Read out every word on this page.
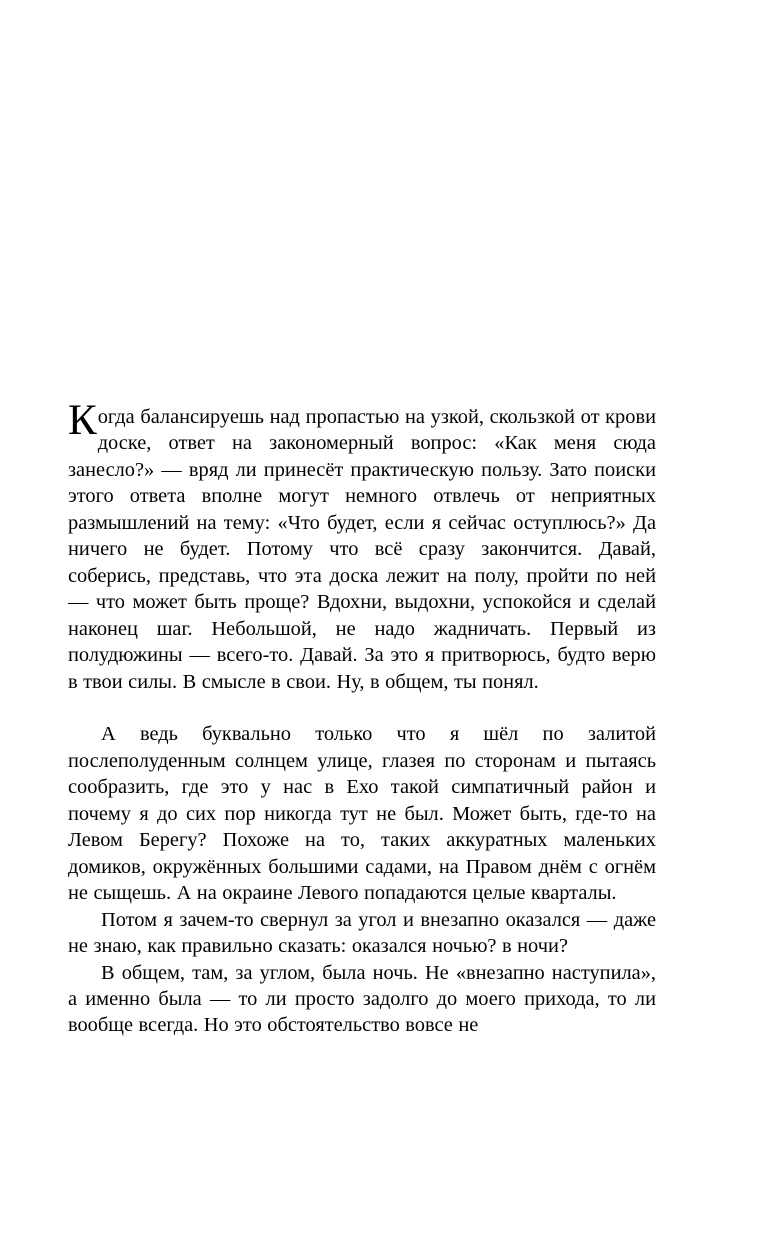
Когда балансируешь над пропастью на узкой, скользкой от крови доске, ответ на закономерный вопрос: «Как меня сюда занесло?» — вряд ли принесёт практическую пользу. Зато поиски этого ответа вполне могут немного отвлечь от неприятных размышлений на тему: «Что будет, если я сейчас оступлюсь?» Да ничего не будет. Потому что всё сразу закончится. Давай, соберись, представь, что эта доска лежит на полу, пройти по ней — что может быть проще? Вдохни, выдохни, успокойся и сделай наконец шаг. Небольшой, не надо жадничать. Первый из полудюжины — всего-то. Давай. За это я притворюсь, будто верю в твои силы. В смысле в свои. Ну, в общем, ты понял.

А ведь буквально только что я шёл по залитой послеполуденным солнцем улице, глазея по сторонам и пытаясь сообразить, где это у нас в Ехо такой симпатичный район и почему я до сих пор никогда тут не был. Может быть, где-то на Левом Берегу? Похоже на то, таких аккуратных маленьких домиков, окружённых большими садами, на Правом днём с огнём не сыщешь. А на окраине Левого попадаются целые кварталы.

Потом я зачем-то свернул за угол и внезапно оказался — даже не знаю, как правильно сказать: оказался ночью? в ночи?

В общем, там, за углом, была ночь. Не «внезапно наступила», а именно была — то ли просто задолго до моего прихода, то ли вообще всегда. Но это обстоятельство вовсе не
